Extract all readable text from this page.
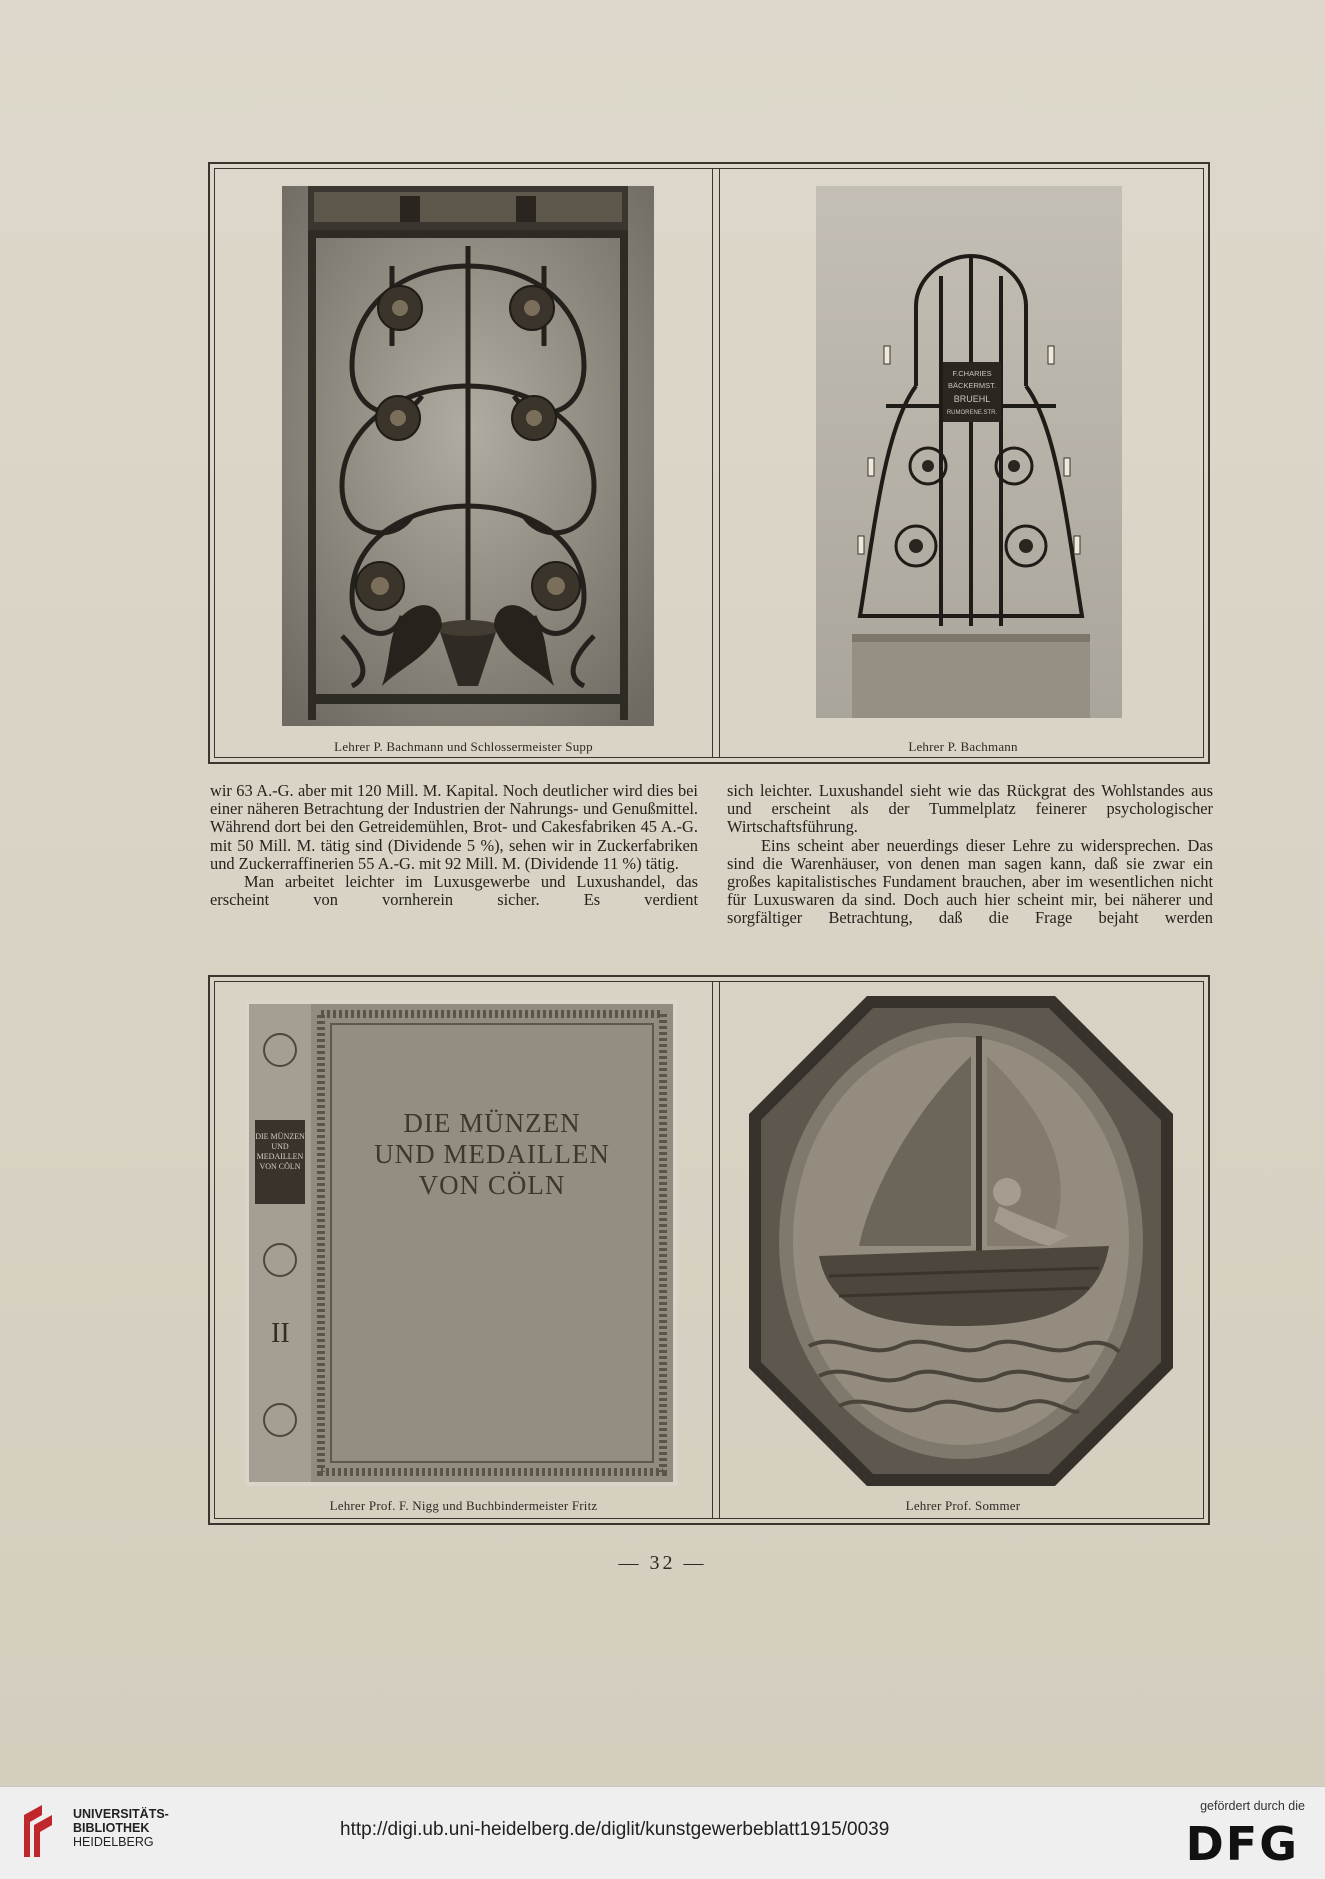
Lehrer P. Bachmann und Schlossermeister Supp
F.CHARIES
BÄCKERMST.
BRUEHL
RUMORENE.STR.
Lehrer P. Bachmann

wir 63 A.-G. aber mit 120 Mill. M. Kapital. Noch deutlicher wird dies bei einer näheren Betrachtung der Industrien der Nahrungs- und Genußmittel. Während dort bei den Getreidemühlen, Brot- und Cakesfabriken 45 A.-G. mit 50 Mill. M. tätig sind (Dividende 5 %), sehen wir in Zuckerfabriken und Zuckerraffinerien 55 A.-G. mit 92 Mill. M. (Dividende 11 %) tätig.

Man arbeitet leichter im Luxusgewerbe und Luxushandel, das erscheint von vornherein sicher. Es verdient

sich leichter. Luxushandel sieht wie das Rückgrat des Wohlstandes aus und erscheint als der Tummelplatz feinerer psychologischer Wirtschaftsführung.

Eins scheint aber neuerdings dieser Lehre zu widersprechen. Das sind die Warenhäuser, von denen man sagen kann, daß sie zwar ein großes kapitalistisches Fundament brauchen, aber im wesentlichen nicht für Luxuswaren da sind. Doch auch hier scheint mir, bei näherer und sorgfältiger Betrachtung, daß die Frage bejaht werden

DIE MÜNZEN
UND
MEDAILLEN
VON CÖLN
II
DIE MÜNZEN
UND MEDAILLEN
VON CÖLN
Lehrer Prof. F. Nigg und Buchbindermeister Fritz	Lehrer Prof. Sommer
— 32 —
UNIVERSITÄTS-
BIBLIOTHEK
HEIDELBERG
http://digi.ub.uni-heidelberg.de/diglit/kunstgewerbeblatt1915/0039
gefördert durch die
DFG
